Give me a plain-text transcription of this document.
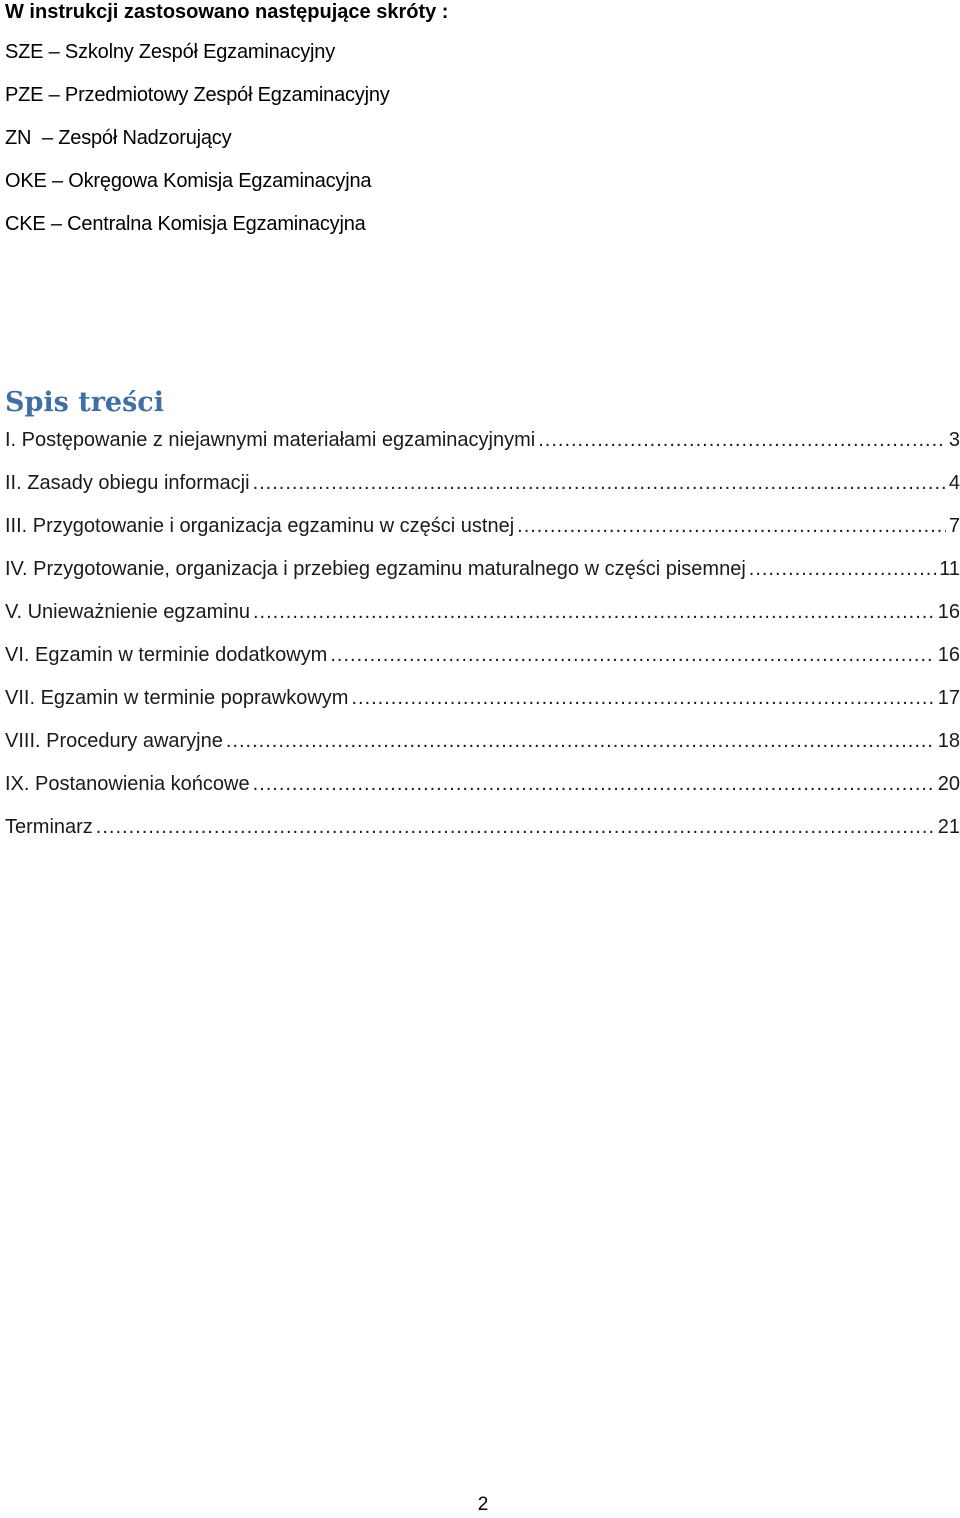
W instrukcji zastosowano następujące skróty :
SZE – Szkolny Zespół Egzaminacyjny
PZE – Przedmiotowy Zespół Egzaminacyjny
ZN  – Zespół Nadzorujący
OKE – Okręgowa Komisja Egzaminacyjna
CKE – Centralna Komisja Egzaminacyjna
Spis treści
I. Postępowanie z niejawnymi materiałami egzaminacyjnymi .....	3
II. Zasady obiegu informacji .....	4
III. Przygotowanie i organizacja egzaminu w części ustnej .....	7
IV. Przygotowanie, organizacja i przebieg egzaminu maturalnego w części pisemnej .....	11
V. Unieważnienie egzaminu .....	16
VI. Egzamin w terminie dodatkowym .....	16
VII. Egzamin w terminie poprawkowym .....	17
VIII. Procedury awaryjne .....	18
IX. Postanowienia końcowe .....	20
Terminarz .....	21
2
